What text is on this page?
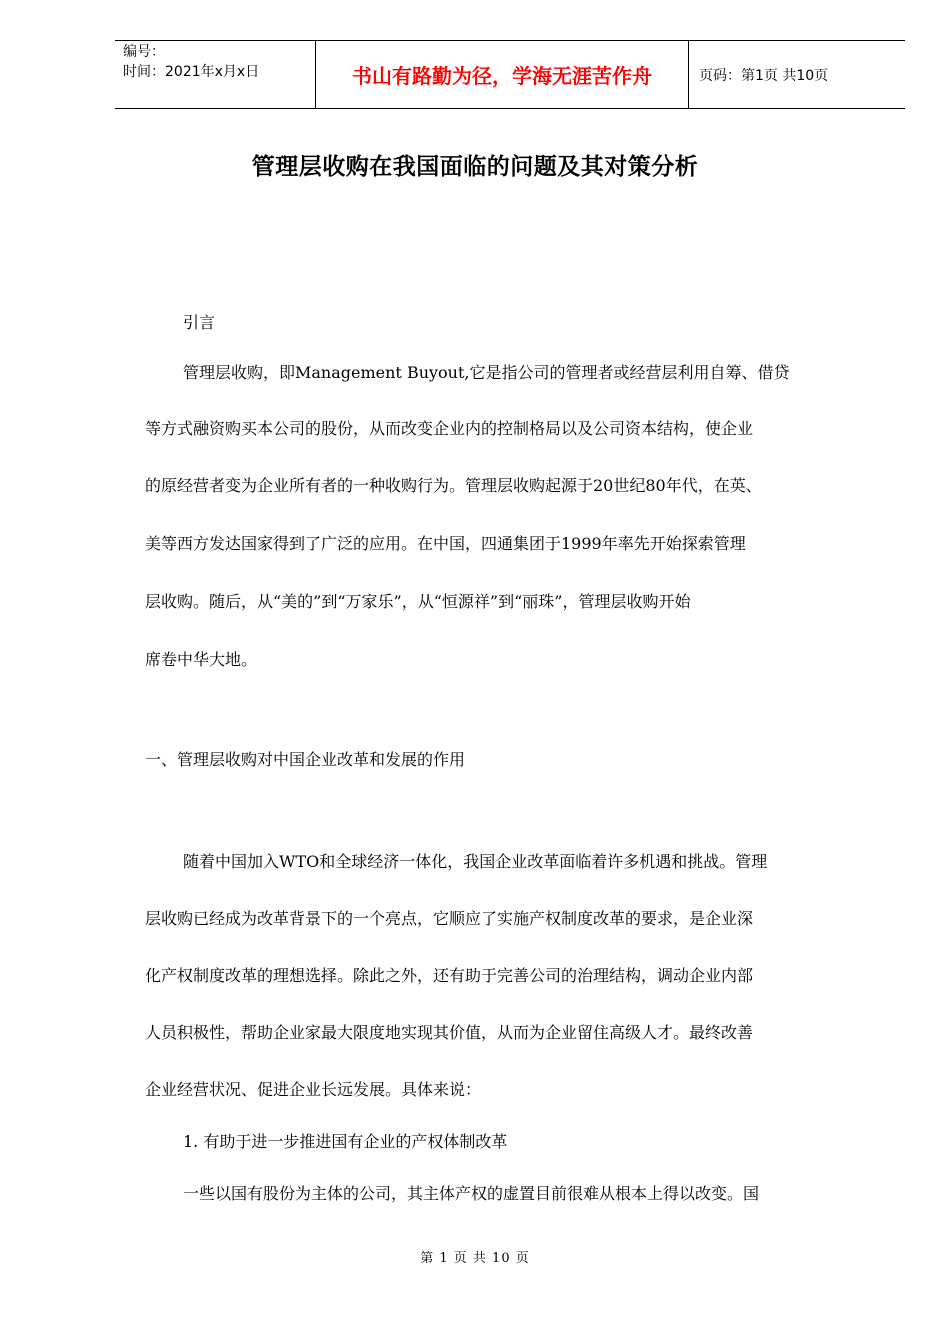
编号：
时间：2021年x月x日	书山有路勤为径，学海无涯苦作舟	页码：第1页 共10页
管理层收购在我国面临的问题及其对策分析
引言
管理层收购，即Management Buyout,它是指公司的管理者或经营层利用自筹、借贷
等方式融资购买本公司的股份，从而改变企业内的控制格局以及公司资本结构，使企业
的原经营者变为企业所有者的一种收购行为。管理层收购起源于20世纪80年代，在英、
美等西方发达国家得到了广泛的应用。在中国，四通集团于1999年率先开始探索管理
层收购。随后，从“美的”到“万家乐”，从“恒源祥”到“丽珠”，管理层收购开始
席卷中华大地。
一、管理层收购对中国企业改革和发展的作用
随着中国加入WTO和全球经济一体化，我国企业改革面临着许多机遇和挑战。管理
层收购已经成为改革背景下的一个亮点，它顺应了实施产权制度改革的要求，是企业深
化产权制度改革的理想选择。除此之外，还有助于完善公司的治理结构，调动企业内部
人员积极性，帮助企业家最大限度地实现其价值，从而为企业留住高级人才。最终改善
企业经营状况、促进企业长远发展。具体来说：
1. 有助于进一步推进国有企业的产权体制改革
一些以国有股份为主体的公司，其主体产权的虚置目前很难从根本上得以改变。国
第 1 页 共 10 页
